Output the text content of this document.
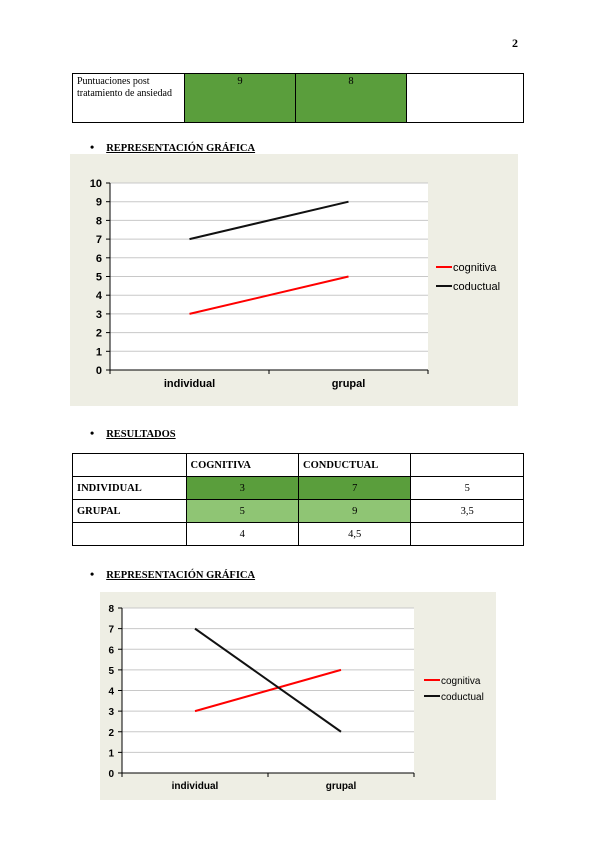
2
Puntuaciones post tratamiento de ansiedad	9	8	
• REPRESENTACIÓN GRÁFICA
0
1
2
3
4
5
6
7
8
9
10
individual	grupal
cognitiva
coductual
• RESULTADOS
	COGNITIVA	CONDUCTUAL	
INDIVIDUAL	3	7	5
GRUPAL	5	9	3,5
	4	4,5	
• REPRESENTACIÓN GRÁFICA
0
1
2
3
4
5
6
7
8
individual	grupal
cognitiva
coductual
